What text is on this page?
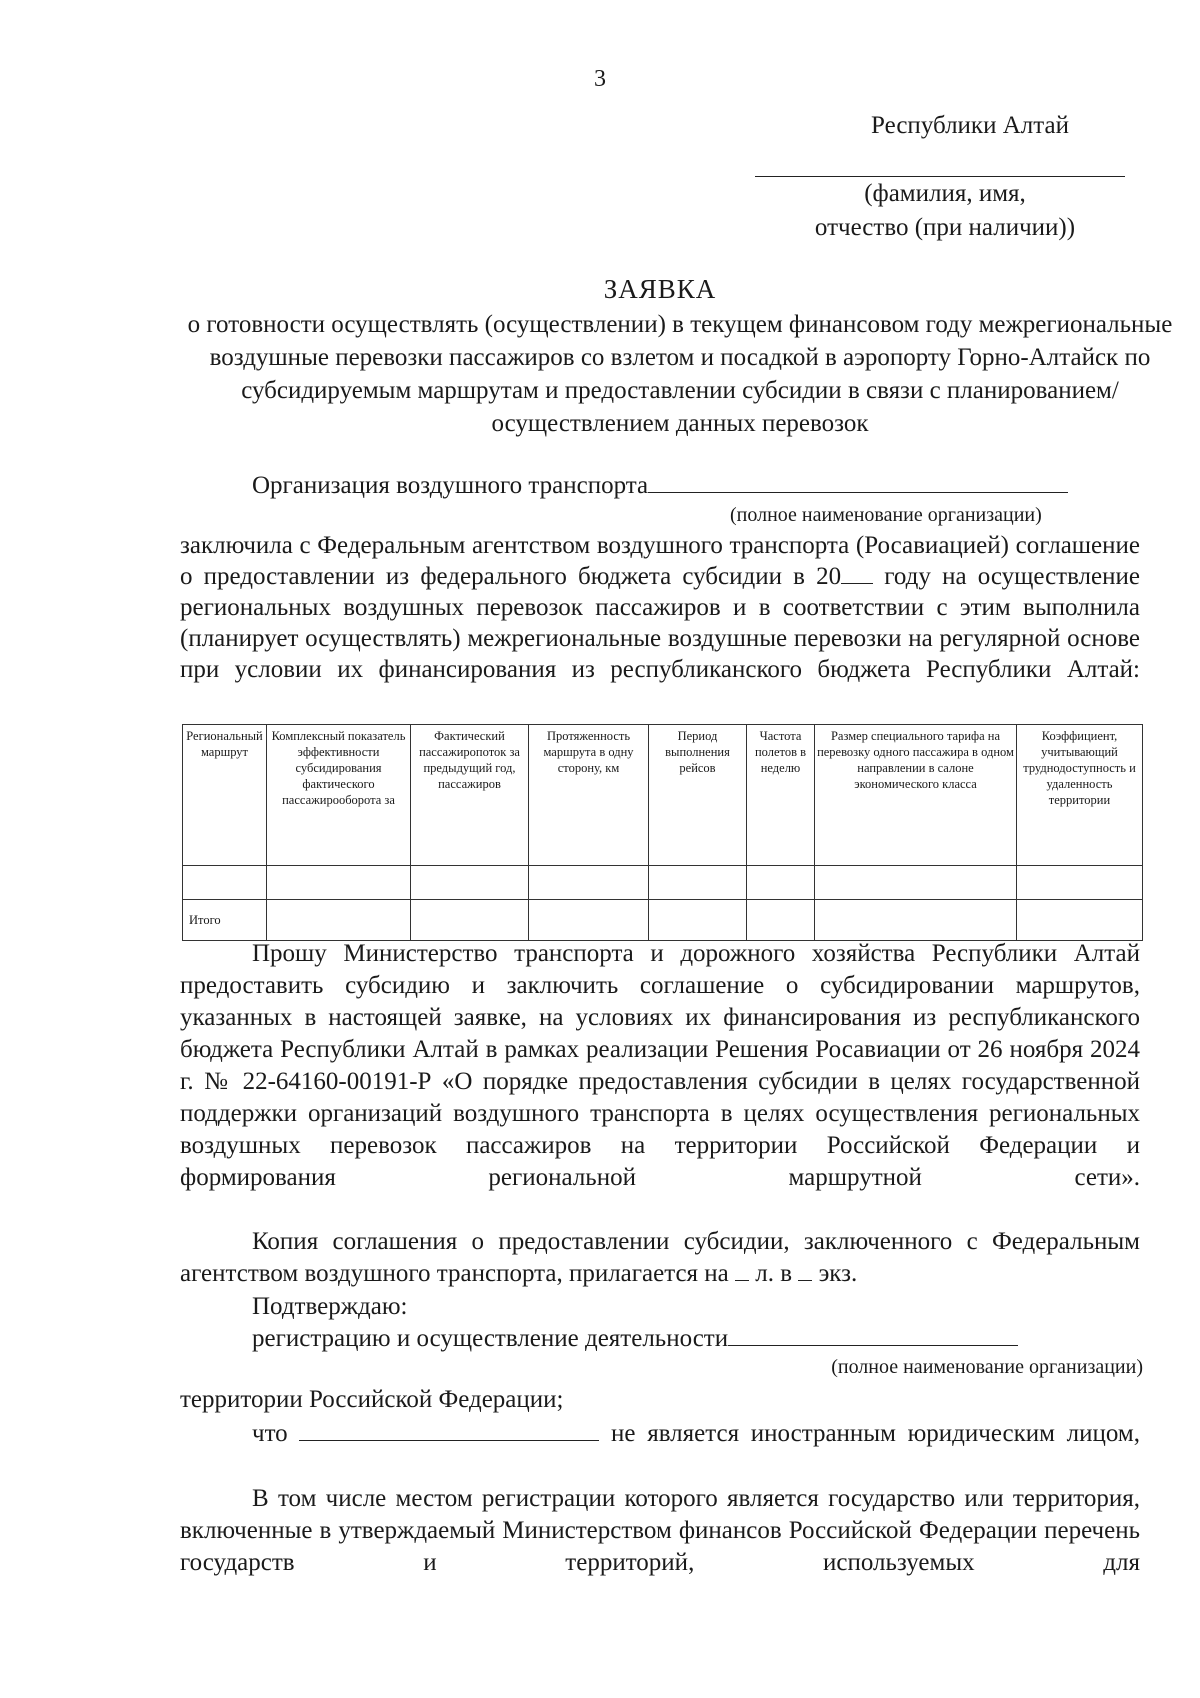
3
Республики Алтай
(фамилия, имя,
отчество (при наличии))
ЗАЯВКА
о готовности осуществлять (осуществлении) в текущем финансовом году межрегиональные воздушные перевозки пассажиров со взлетом и посадкой в аэропорту Горно-Алтайск по субсидируемым маршрутам и предоставлении субсидии в связи с планированием/осуществлением данных перевозок
Организация воздушного транспорта
(полное наименование организации)
заключила с Федеральным агентством воздушного транспорта (Росавиацией) соглашение о предоставлении из федерального бюджета субсидии в 20 году на осуществление региональных воздушных перевозок пассажиров и в соответствии с этим выполнила (планирует осуществлять) межрегиональные воздушные перевозки на регулярной основе при условии их финансирования из республиканского бюджета Республики Алтай:
Региональный маршрут	Комплексный показатель эффективности субсидирования фактического пассажирооборота за	Фактический пассажиропоток за предыдущий год, пассажиров	Протяженность маршрута в одну сторону, км	Период выполнения рейсов	Частота полетов в неделю	Размер специального тарифа на перевозку одного пассажира в одном направлении в салоне экономического класса	Коэффициент, учитывающий труднодоступность и удаленность территории

Итого							
Прошу Министерство транспорта и дорожного хозяйства Республики Алтай предоставить субсидию и заключить соглашение о субсидировании маршрутов, указанных в настоящей заявке, на условиях их финансирования из республиканского бюджета Республики Алтай в рамках реализации Решения Росавиации от 26 ноября 2024 г. № 22-64160-00191-Р «О порядке предоставления субсидии в целях государственной поддержки организаций воздушного транспорта в целях осуществления региональных воздушных перевозок пассажиров на территории Российской Федерации и формирования региональной маршрутной сети».
Копия соглашения о предоставлении субсидии, заключенного с Федеральным агентством воздушного транспорта, прилагается на  л. в  экз.
Подтверждаю:
регистрацию и осуществление деятельности
(полное наименование организации)
территории Российской Федерации;
что	не является иностранным юридическим лицом,
В том числе местом регистрации которого является государство или территория, включенные в утверждаемый Министерством финансов Российской Федерации перечень государств и территорий, используемых для
